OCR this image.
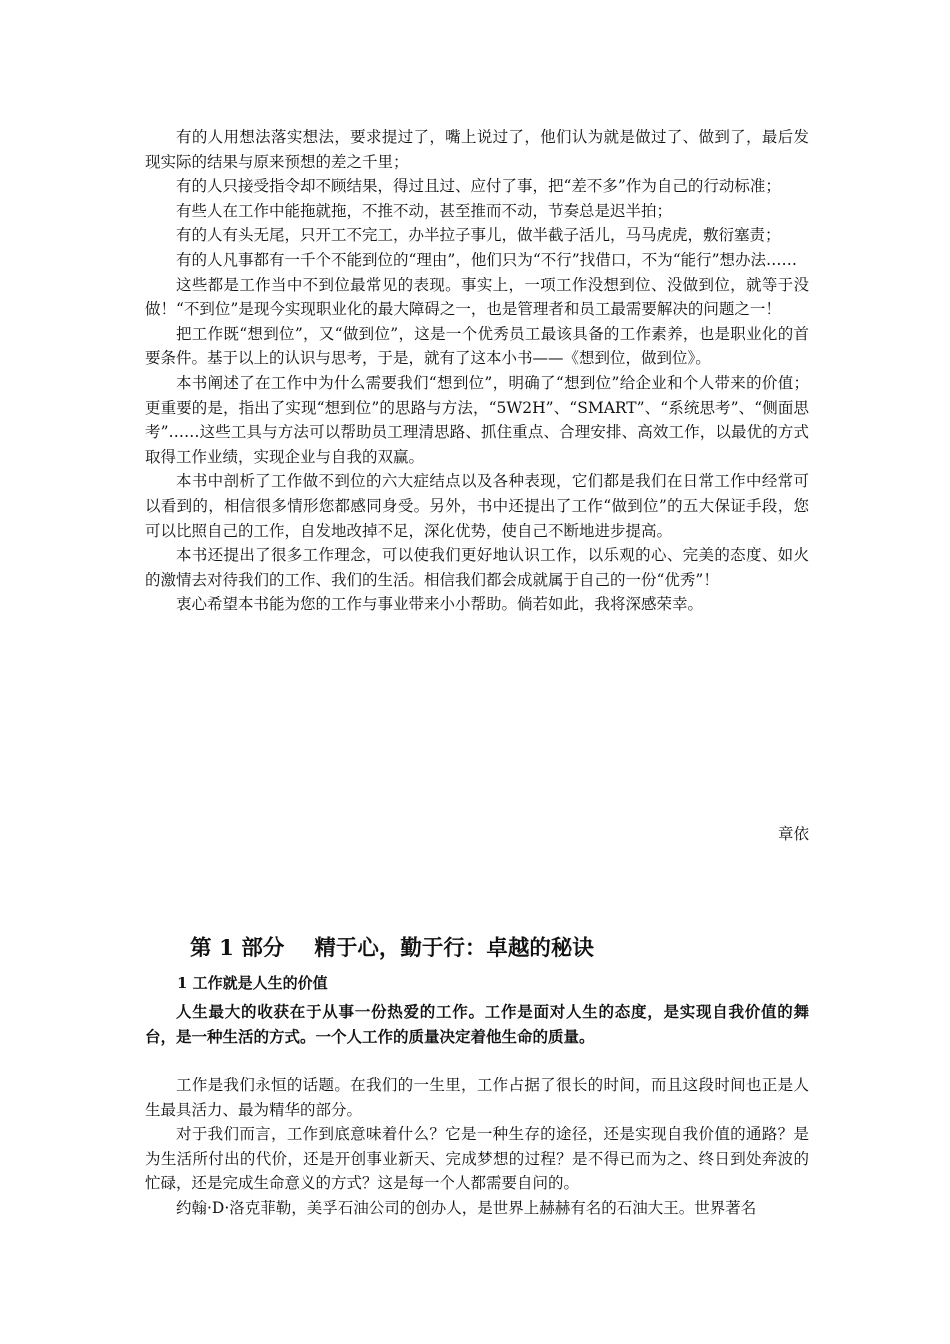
有的人用想法落实想法，要求提过了，嘴上说过了，他们认为就是做过了、做到了，最后发现实际的结果与原来预想的差之千里；

有的人只接受指令却不顾结果，得过且过、应付了事，把“差不多”作为自己的行动标准；

有些人在工作中能拖就拖，不推不动，甚至推而不动，节奏总是迟半拍；

有的人有头无尾，只开工不完工，办半拉子事儿，做半截子活儿，马马虎虎，敷衍塞责；

有的人凡事都有一千个不能到位的“理由”，他们只为“不行”找借口，不为“能行”想办法……

这些都是工作当中不到位最常见的表现。事实上，一项工作没想到位、没做到位，就等于没做！“不到位”是现今实现职业化的最大障碍之一，也是管理者和员工最需要解决的问题之一！

把工作既“想到位”，又“做到位”，这是一个优秀员工最该具备的工作素养，也是职业化的首要条件。基于以上的认识与思考，于是，就有了这本小书——《想到位，做到位》。

本书阐述了在工作中为什么需要我们“想到位”，明确了“想到位”给企业和个人带来的价值；更重要的是，指出了实现“想到位”的思路与方法，“5W2H”、“SMART”、“系统思考”、“侧面思考”……这些工具与方法可以帮助员工理清思路、抓住重点、合理安排、高效工作，以最优的方式取得工作业绩，实现企业与自我的双赢。

本书中剖析了工作做不到位的六大症结点以及各种表现，它们都是我们在日常工作中经常可以看到的，相信很多情形您都感同身受。另外，书中还提出了工作“做到位”的五大保证手段，您可以比照自己的工作，自发地改掉不足，深化优势，使自己不断地进步提高。

本书还提出了很多工作理念，可以使我们更好地认识工作，以乐观的心、完美的态度、如火的激情去对待我们的工作、我们的生活。相信我们都会成就属于自己的一份“优秀”！

衷心希望本书能为您的工作与事业带来小小帮助。倘若如此，我将深感荣幸。

章依
第 1 部分    精于心，勤于行：卓越的秘诀
1 工作就是人生的价值

人生最大的收获在于从事一份热爱的工作。工作是面对人生的态度，是实现自我价值的舞台，是一种生活的方式。一个人工作的质量决定着他生命的质量。

工作是我们永恒的话题。在我们的一生里，工作占据了很长的时间，而且这段时间也正是人生最具活力、最为精华的部分。

对于我们而言，工作到底意味着什么？它是一种生存的途径，还是实现自我价值的通路？是为生活所付出的代价，还是开创事业新天、完成梦想的过程？是不得已而为之、终日到处奔波的忙碌，还是完成生命意义的方式？这是每一个人都需要自问的。

约翰·D·洛克菲勒，美孚石油公司的创办人，是世界上赫赫有名的石油大王。世界著名
